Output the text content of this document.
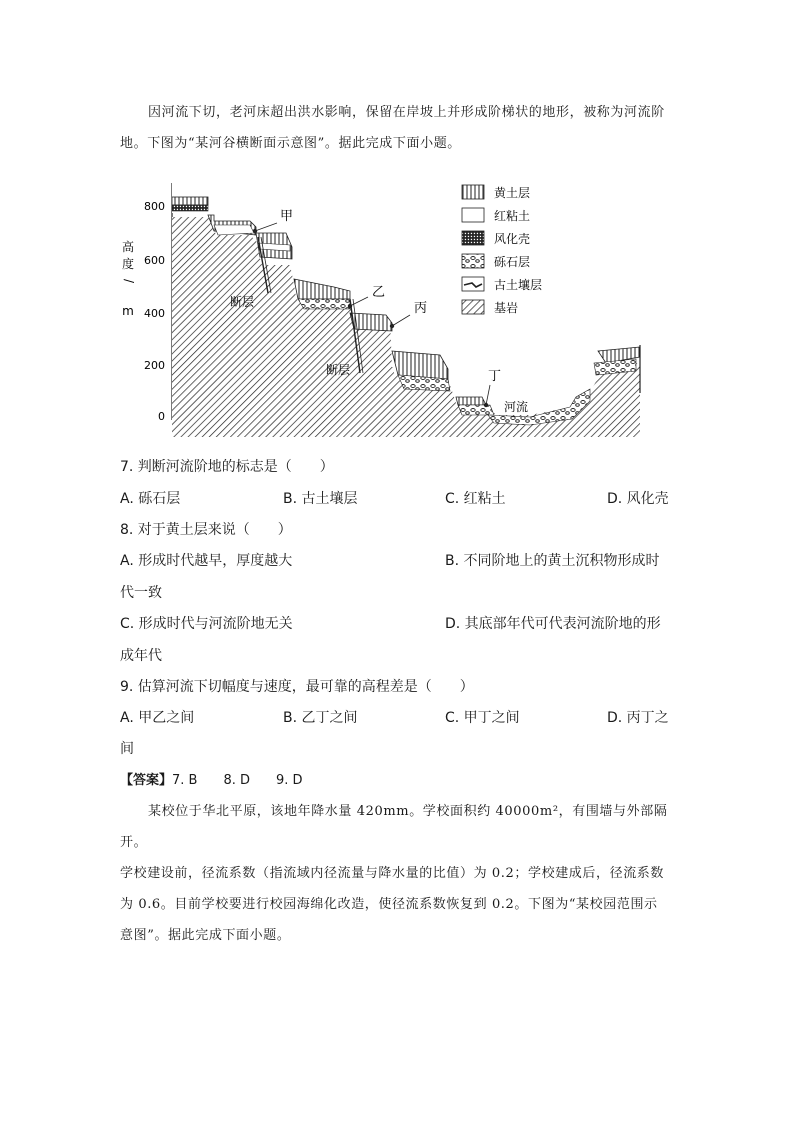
因河流下切，老河床超出洪水影响，保留在岸坡上并形成阶梯状的地形，被称为河流阶
地。下图为“某河谷横断面示意图”。据此完成下面小题。
800
600
400
200
0
高
度
/
m
甲
乙
丙
丁
断层
断层
河流
黄土层
红粘土
风化壳
砾石层
古土壤层
基岩
7. 判断河流阶地的标志是（　　）
A. 砾石层	B. 古土壤层	C. 红粘土	D. 风化壳
8. 对于黄土层来说（　　）
A. 形成时代越早，厚度越大	B. 不同阶地上的黄土沉积物形成时
代一致
C. 形成时代与河流阶地无关	D. 其底部年代可代表河流阶地的形
成年代
9. 估算河流下切幅度与速度，最可靠的高程差是（　　）
A. 甲乙之间	B. 乙丁之间	C. 甲丁之间	D. 丙丁之
间
【答案】7. B　　8. D　　9. D
某校位于华北平原，该地年降水量 420mm。学校面积约 40000m²，有围墙与外部隔开。
学校建设前，径流系数（指流域内径流量与降水量的比值）为 0.2；学校建成后，径流系数
为 0.6。目前学校要进行校园海绵化改造，使径流系数恢复到 0.2。下图为“某校园范围示
意图”。据此完成下面小题。
